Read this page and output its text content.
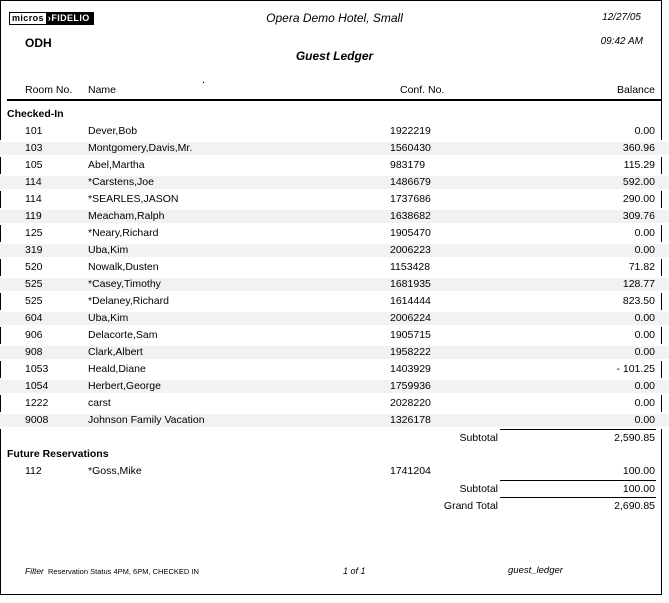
micros ›FIDELIO
ODH
Opera Demo Hotel, Small
Guest Ledger
12/27/05
09:42 AM
.
Room No.	Name	Conf. No.	Balance
Checked-In
101	Dever,Bob	1922219	0.00
103	Montgomery,Davis,Mr.	1560430	360.96
105	Abel,Martha	983179	115.29
114	*Carstens,Joe	1486679	592.00
114	*SEARLES,JASON	1737686	290.00
119	Meacham,Ralph	1638682	309.76
125	*Neary,Richard	1905470	0.00
319	Uba,Kim	2006223	0.00
520	Nowalk,Dusten	1153428	71.82
525	*Casey,Timothy	1681935	128.77
525	*Delaney,Richard	1614444	823.50
604	Uba,Kim	2006224	0.00
906	Delacorte,Sam	1905715	0.00
908	Clark,Albert	1958222	0.00
1053	Heald,Diane	1403929	- 101.25
1054	Herbert,George	1759936	0.00
1222	carst	2028220	0.00
9008	Johnson Family Vacation	1326178	0.00
Subtotal	2,590.85
Future Reservations
112	*Goss,Mike	1741204	100.00
Subtotal	100.00
Grand Total	2,690.85
Filter Reservation Status 4PM, 6PM, CHECKED IN	1 of 1	guest_ledger
